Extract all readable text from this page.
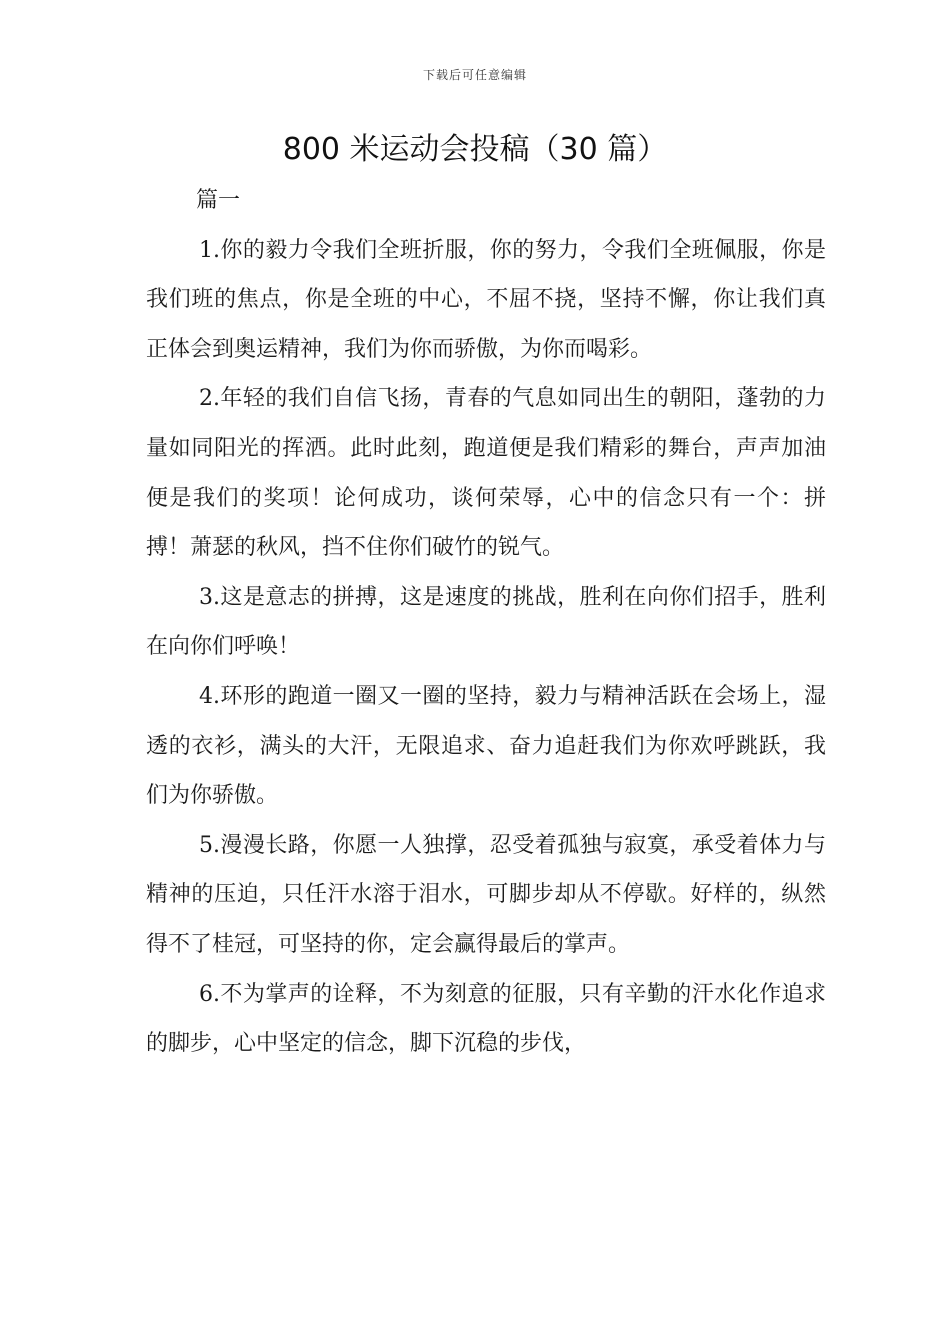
下载后可任意编辑
800 米运动会投稿（30 篇）

篇一

1.你的毅力令我们全班折服，你的努力，令我们全班佩服，你是我们班的焦点，你是全班的中心，不屈不挠，坚持不懈，你让我们真正体会到奥运精神，我们为你而骄傲，为你而喝彩。

2.年轻的我们自信飞扬，青春的气息如同出生的朝阳，蓬勃的力量如同阳光的挥洒。此时此刻，跑道便是我们精彩的舞台，声声加油便是我们的奖项！论何成功，谈何荣辱，心中的信念只有一个：拼搏！萧瑟的秋风，挡不住你们破竹的锐气。

3.这是意志的拼搏，这是速度的挑战，胜利在向你们招手，胜利在向你们呼唤！

4.环形的跑道一圈又一圈的坚持，毅力与精神活跃在会场上，湿透的衣衫，满头的大汗，无限追求、奋力追赶我们为你欢呼跳跃，我们为你骄傲。

5.漫漫长路，你愿一人独撑，忍受着孤独与寂寞，承受着体力与精神的压迫，只任汗水溶于泪水，可脚步却从不停歇。好样的，纵然得不了桂冠，可坚持的你，定会赢得最后的掌声。

6.不为掌声的诠释，不为刻意的征服，只有辛勤的汗水化作追求的脚步，心中坚定的信念，脚下沉稳的步伐，
